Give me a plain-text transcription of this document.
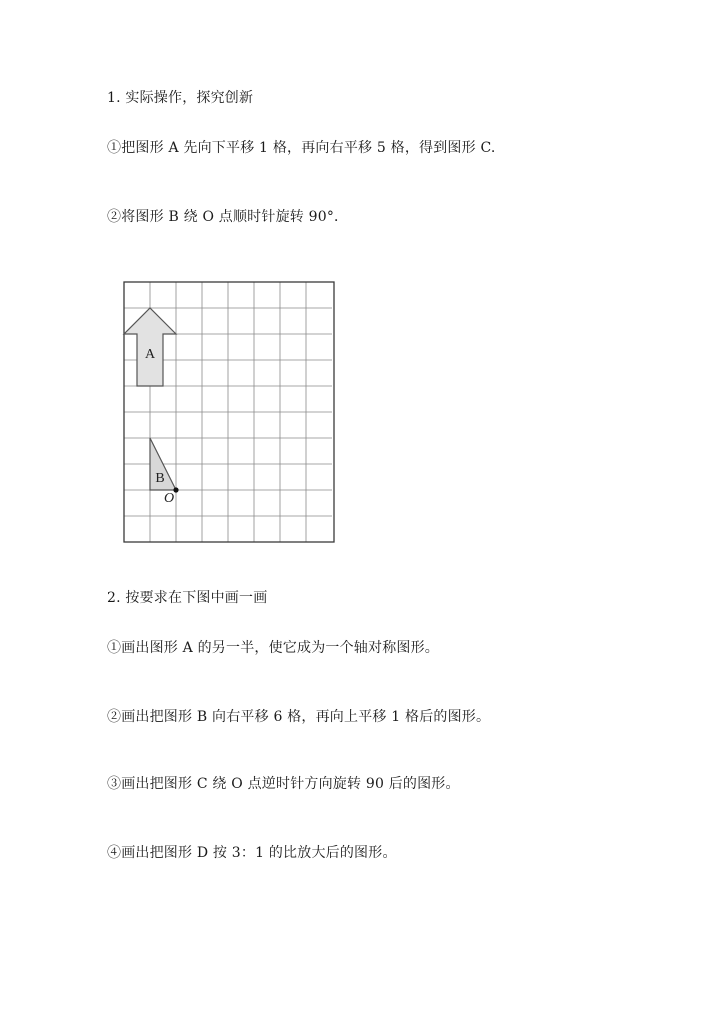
1. 实际操作，探究创新
①把图形 A 先向下平移 1 格，再向右平移 5 格，得到图形 C.
②将图形 B 绕 O 点顺时针旋转 90°．
A
B
O
2. 按要求在下图中画一画
①画出图形 A 的另一半，使它成为一个轴对称图形。
②画出把图形 B 向右平移 6 格，再向上平移 1 格后的图形。
③画出把图形 C 绕 O 点逆时针方向旋转 90 后的图形。
④画出把图形 D 按 3：1 的比放大后的图形。
